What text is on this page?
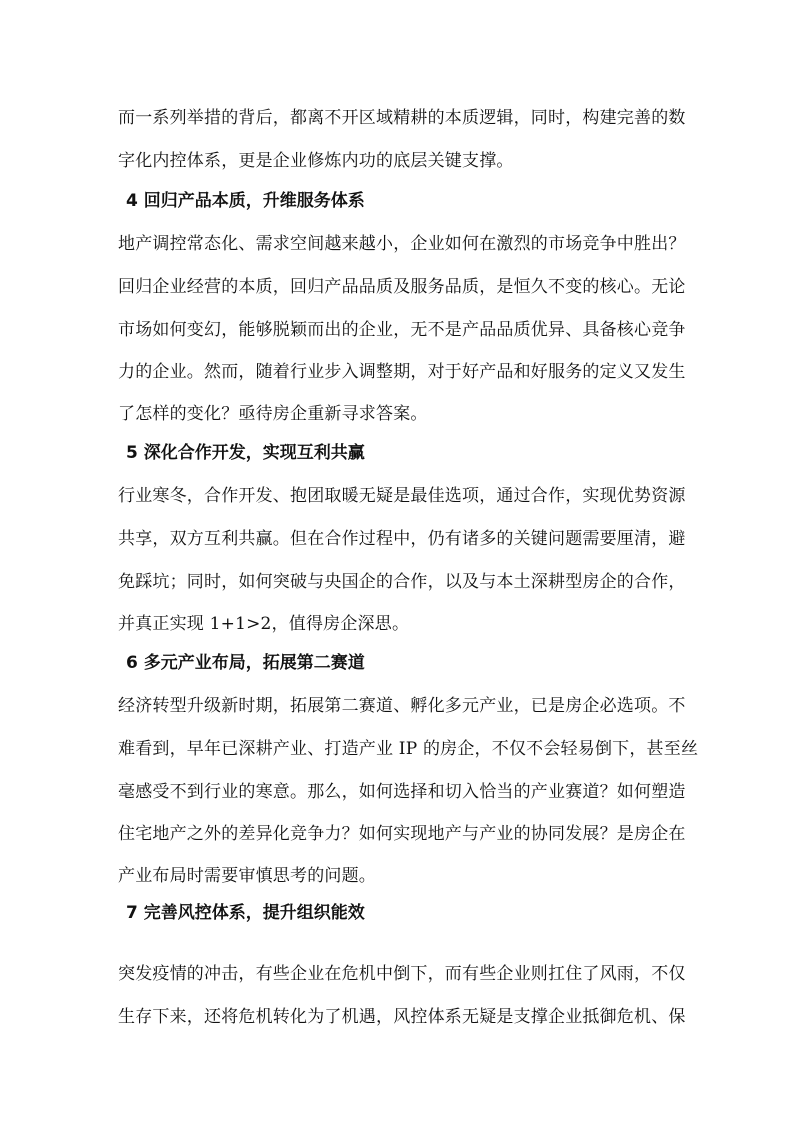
而一系列举措的背后，都离不开区域精耕的本质逻辑，同时，构建完善的数
字化内控体系，更是企业修炼内功的底层关键支撑。
4 回归产品本质，升维服务体系
地产调控常态化、需求空间越来越小，企业如何在激烈的市场竞争中胜出？
回归企业经营的本质，回归产品品质及服务品质，是恒久不变的核心。无论
市场如何变幻，能够脱颖而出的企业，无不是产品品质优异、具备核心竞争
力的企业。然而，随着行业步入调整期，对于好产品和好服务的定义又发生
了怎样的变化？亟待房企重新寻求答案。
5 深化合作开发，实现互利共赢
行业寒冬，合作开发、抱团取暖无疑是最佳选项，通过合作，实现优势资源
共享，双方互利共赢。但在合作过程中，仍有诸多的关键问题需要厘清，避
免踩坑；同时，如何突破与央国企的合作，以及与本土深耕型房企的合作，
并真正实现 1+1>2，值得房企深思。
6 多元产业布局，拓展第二赛道
经济转型升级新时期，拓展第二赛道、孵化多元产业，已是房企必选项。不
难看到，早年已深耕产业、打造产业 IP 的房企，不仅不会轻易倒下，甚至丝
毫感受不到行业的寒意。那么，如何选择和切入恰当的产业赛道？如何塑造
住宅地产之外的差异化竞争力？如何实现地产与产业的协同发展？是房企在
产业布局时需要审慎思考的问题。
7 完善风控体系，提升组织能效
突发疫情的冲击，有些企业在危机中倒下，而有些企业则扛住了风雨，不仅
生存下来，还将危机转化为了机遇，风控体系无疑是支撑企业抵御危机、保
